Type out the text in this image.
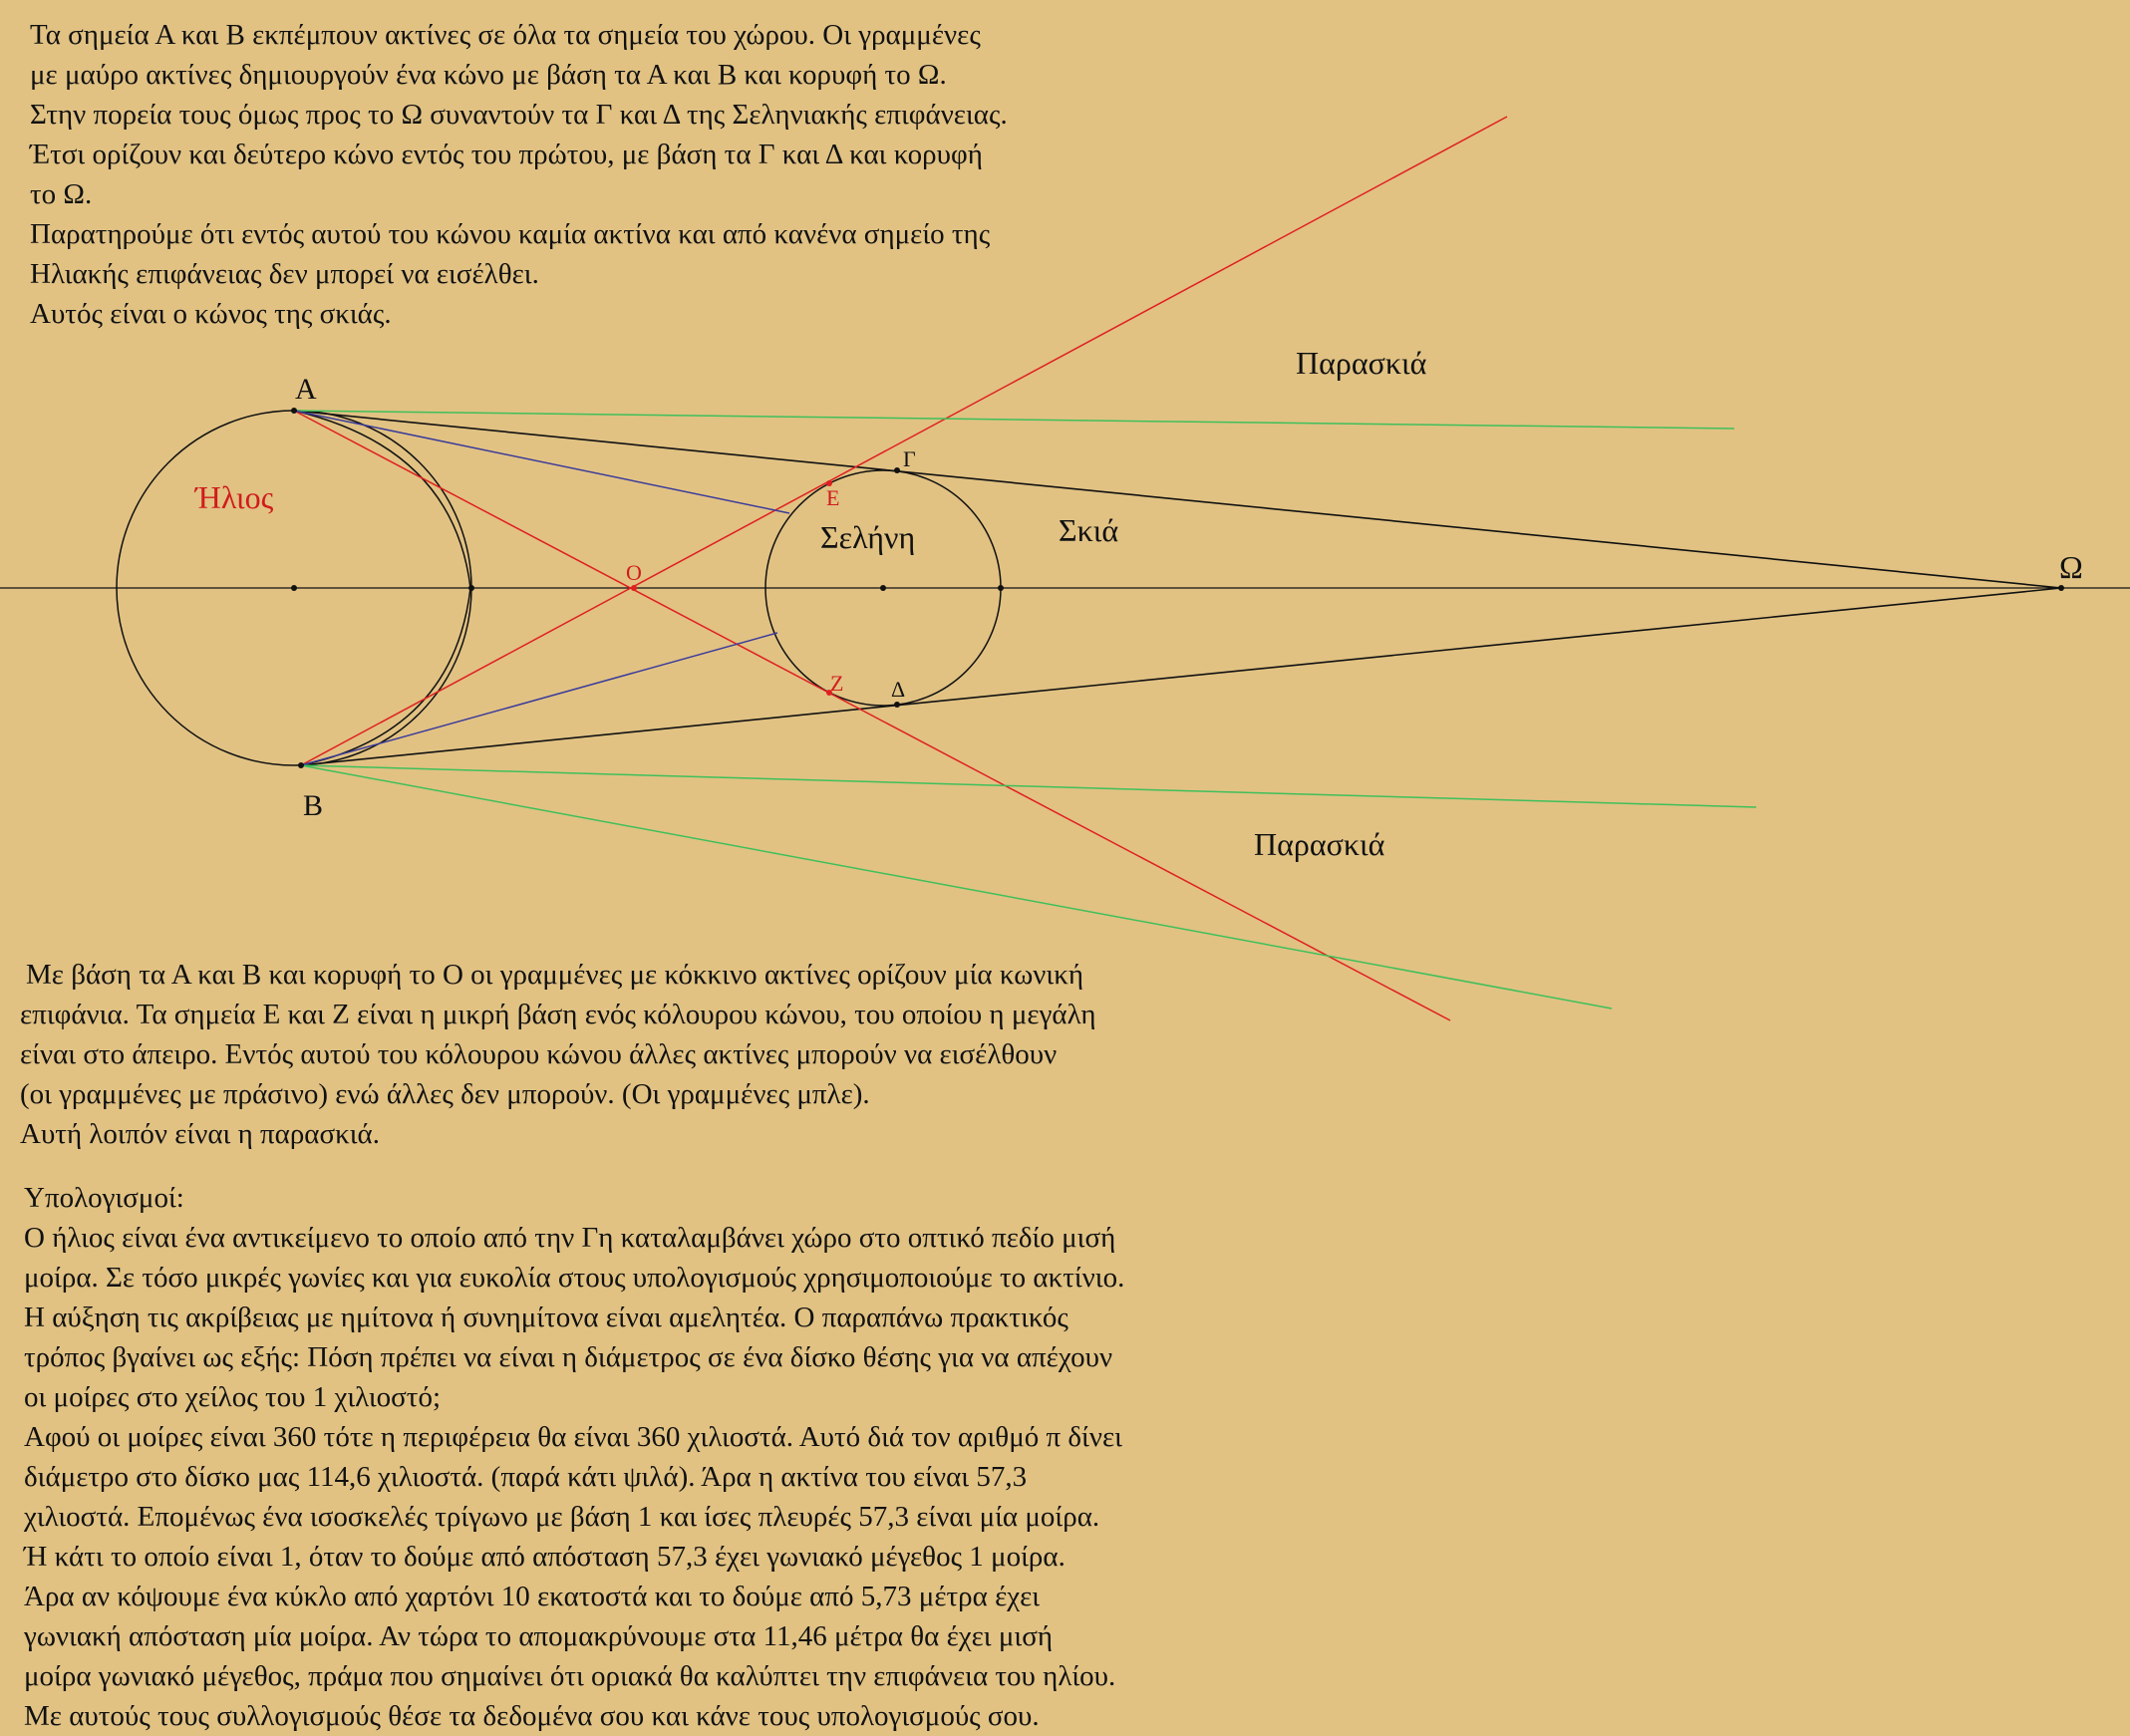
Τα σημεία Α και Β εκπέμπουν ακτίνες σε όλα τα σημεία του χώρου. Οι γραμμένες
με μαύρο ακτίνες δημιουργούν ένα κώνο με βάση τα Α και Β και κορυφή το Ω.
Στην πορεία τους όμως προς το Ω συναντούν τα Γ και Δ της Σεληνιακής επιφάνειας.
Έτσι ορίζουν και δεύτερο κώνο εντός του πρώτου, με βάση τα Γ και Δ και κορυφή
το Ω.
Παρατηρούμε ότι εντός αυτού του κώνου καμία ακτίνα και από κανένα σημείο της
Ηλιακής επιφάνειας δεν μπορεί να εισέλθει.
Αυτός είναι ο κώνος της σκιάς.
Α
Β
Ήλιος
Σελήνη
O
Ε
Ζ
Γ
Δ
Ω
Σκιά
Παρασκιά
Παρασκιά
Με βάση τα Α και Β και κορυφή το Ο οι γραμμένες με κόκκινο ακτίνες ορίζουν μία κωνική
επιφάνια. Τα σημεία Ε και Ζ είναι η μικρή βάση ενός κόλουρου κώνου, του οποίου η μεγάλη
είναι στο άπειρο. Εντός αυτού του κόλουρου κώνου άλλες ακτίνες μπορούν να εισέλθουν
(οι γραμμένες με πράσινο) ενώ άλλες δεν μπορούν. (Οι γραμμένες μπλε).
Αυτή λοιπόν είναι η παρασκιά.
Υπολογισμοί:
Ο ήλιος είναι ένα αντικείμενο το οποίο από την Γη καταλαμβάνει χώρο στο οπτικό πεδίο μισή
μοίρα. Σε τόσο μικρές γωνίες και για ευκολία στους υπολογισμούς χρησιμοποιούμε το ακτίνιο.
Η αύξηση τις ακρίβειας με ημίτονα ή συνημίτονα είναι αμελητέα. Ο παραπάνω πρακτικός
τρόπος βγαίνει ως εξής: Πόση πρέπει να είναι η διάμετρος σε ένα δίσκο θέσης για να απέχουν
οι μοίρες στο χείλος του 1 χιλιοστό;
Αφού οι μοίρες είναι 360 τότε η περιφέρεια θα είναι 360 χιλιοστά. Αυτό διά τον αριθμό π δίνει
διάμετρο στο δίσκο μας 114,6 χιλιοστά. (παρά κάτι ψιλά). Άρα η ακτίνα του είναι 57,3
χιλιοστά. Επομένως ένα ισοσκελές τρίγωνο με βάση 1 και ίσες πλευρές 57,3 είναι μία μοίρα.
Ή κάτι το οποίο είναι 1, όταν το δούμε από απόσταση 57,3 έχει γωνιακό μέγεθος 1 μοίρα.
Άρα αν κόψουμε ένα κύκλο από χαρτόνι 10 εκατοστά και το δούμε από 5,73 μέτρα έχει
γωνιακή απόσταση μία μοίρα. Αν τώρα το απομακρύνουμε στα 11,46 μέτρα θα έχει μισή
μοίρα γωνιακό μέγεθος, πράμα που σημαίνει ότι οριακά θα καλύπτει την επιφάνεια του ηλίου.
Με αυτούς τους συλλογισμούς θέσε τα δεδομένα σου και κάνε τους υπολογισμούς σου.
